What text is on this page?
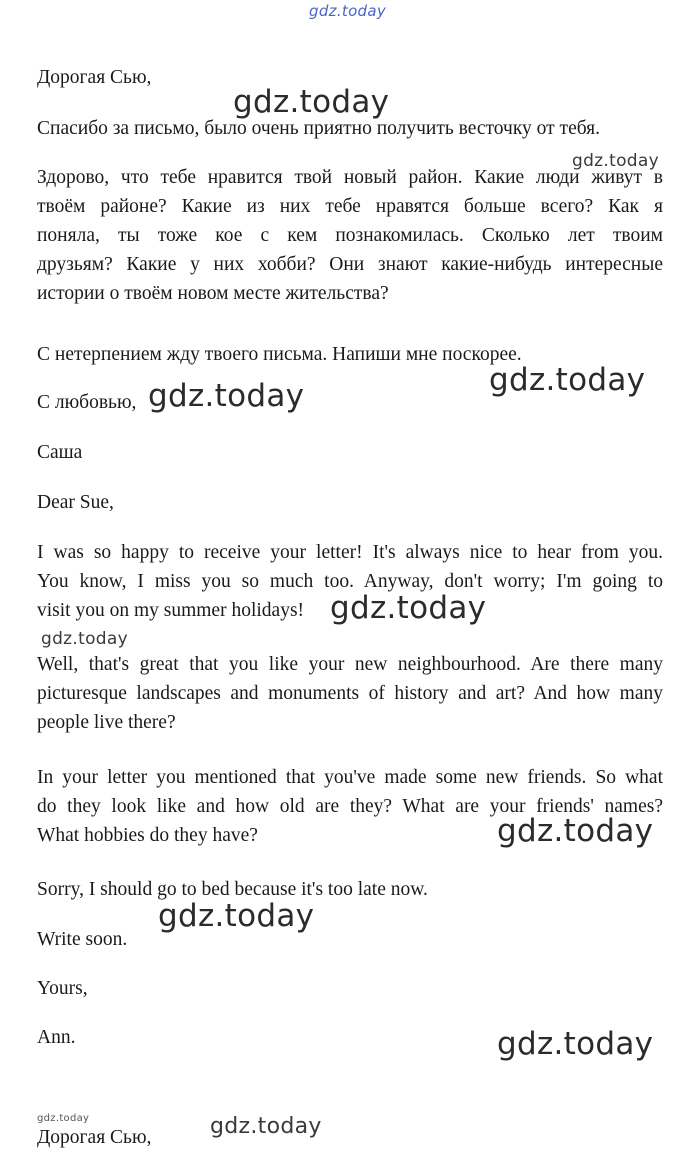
gdz.today

Дорогая Сью,

gdz.today

Спасибо за письмо, было очень приятно получить весточку от тебя.

gdz.today
Здорово, что тебе нравится твой новый район. Какие люди живут в
твоём районе? Какие из них тебе нравятся больше всего? Как я
поняла, ты тоже кое с кем познакомилась. Сколько лет твоим
друзьям? Какие у них хобби? Они знают какие-нибудь интересные
истории о твоём новом месте жительства?

С нетерпением жду твоего письма. Напиши мне поскорее.

gdz.today

С любовью, gdz.today

Саша

Dear Sue,

I was so happy to receive your letter! It's always nice to hear from you.
You know, I miss you so much too. Anyway, don't worry; I'm going to
visit you on my summer holidays! gdz.today
gdz.today
Well, that's great that you like your new neighbourhood. Are there many
picturesque landscapes and monuments of history and art? And how many
people live there?
In your letter you mentioned that you've made some new friends. So what
do they look like and how old are they? What are your friends' names?
What hobbies do they have?	gdz.today

Sorry, I should go to bed because it's too late now.

gdz.today

Write soon.

Yours,

Ann.	gdz.today
gdz.today

Дорогая Сью,	gdz.today
